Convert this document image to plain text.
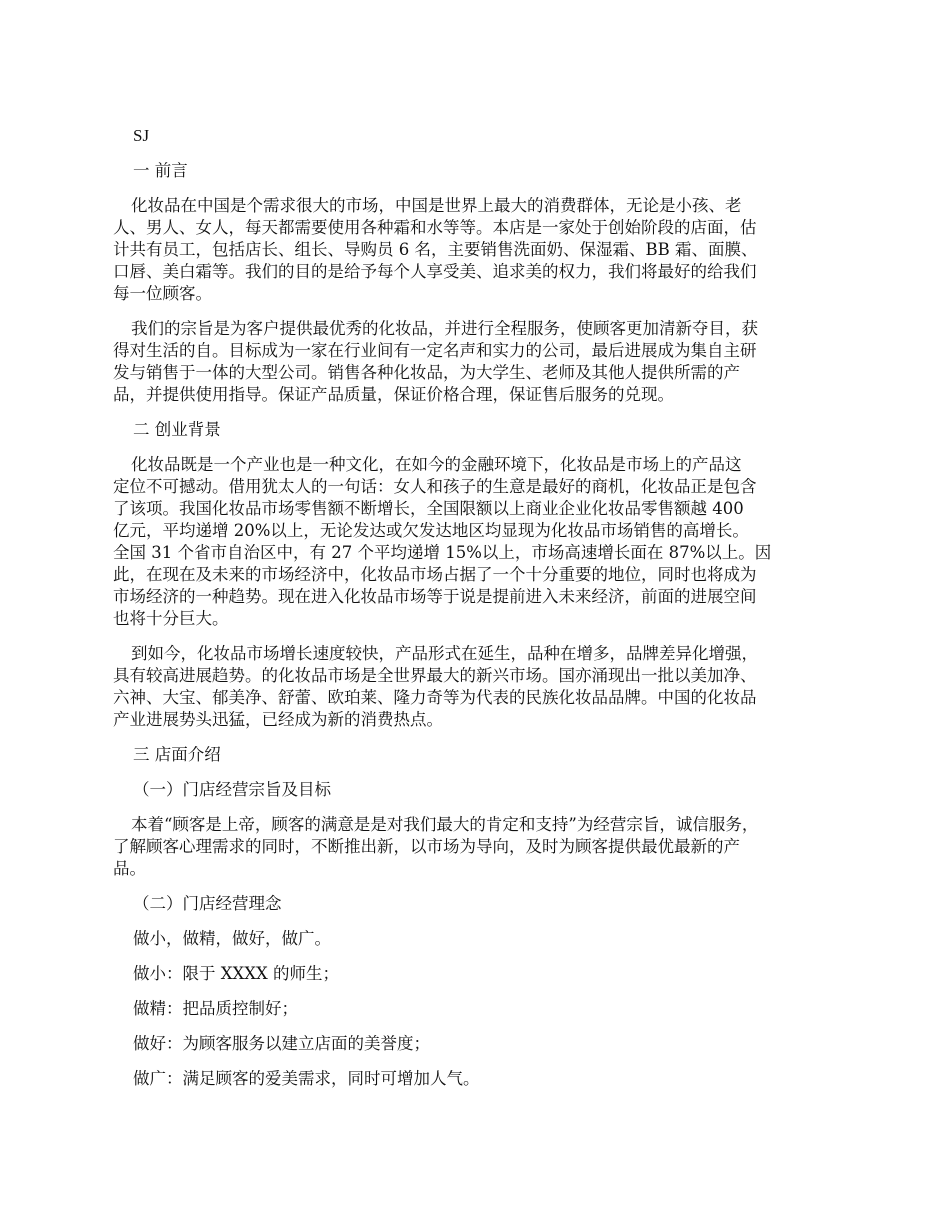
SJ
一 前言
化妆品在中国是个需求很大的市场，中国是世界上最大的消费群体，无论是小孩、老
人、男人、女人，每天都需要使用各种霜和水等等。本店是一家处于创始阶段的店面，估
计共有员工，包括店长、组长、导购员 6 名，主要销售洗面奶、保湿霜、BB 霜、面膜、
口唇、美白霜等。我们的目的是给予每个人享受美、追求美的权力，我们将最好的给我们
每一位顾客。
我们的宗旨是为客户提供最优秀的化妆品，并进行全程服务，使顾客更加清新夺目，获
得对生活的自。目标成为一家在行业间有一定名声和实力的公司，最后进展成为集自主研
发与销售于一体的大型公司。销售各种化妆品，为大学生、老师及其他人提供所需的产
品，并提供使用指导。保证产品质量，保证价格合理，保证售后服务的兑现。
二 创业背景
化妆品既是一个产业也是一种文化，在如今的金融环境下，化妆品是市场上的产品这
定位不可撼动。借用犹太人的一句话：女人和孩子的生意是最好的商机，化妆品正是包含
了该项。我国化妆品市场零售额不断增长，全国限额以上商业企业化妆品零售额越 400
亿元，平均递增 20%以上，无论发达或欠发达地区均显现为化妆品市场销售的高增长。
全国 31 个省市自治区中，有 27 个平均递增 15%以上，市场高速增长面在 87%以上。因
此，在现在及未来的市场经济中，化妆品市场占据了一个十分重要的地位，同时也将成为
市场经济的一种趋势。现在进入化妆品市场等于说是提前进入未来经济，前面的进展空间
也将十分巨大。
到如今，化妆品市场增长速度较快，产品形式在延生，品种在增多，品牌差异化增强，
具有较高进展趋势。的化妆品市场是全世界最大的新兴市场。国亦涌现出一批以美加净、
六神、大宝、郁美净、舒蕾、欧珀莱、隆力奇等为代表的民族化妆品品牌。中国的化妆品
产业进展势头迅猛，已经成为新的消费热点。
三 店面介绍
（一）门店经营宗旨及目标
本着“顾客是上帝，顾客的满意是是对我们最大的肯定和支持”为经营宗旨，诚信服务，
了解顾客心理需求的同时，不断推出新，以市场为导向，及时为顾客提供最优最新的产
品。
（二）门店经营理念
做小，做精，做好，做广。
做小：限于 XXXX 的师生；
做精：把品质控制好；
做好：为顾客服务以建立店面的美誉度；
做广：满足顾客的爱美需求，同时可增加人气。
